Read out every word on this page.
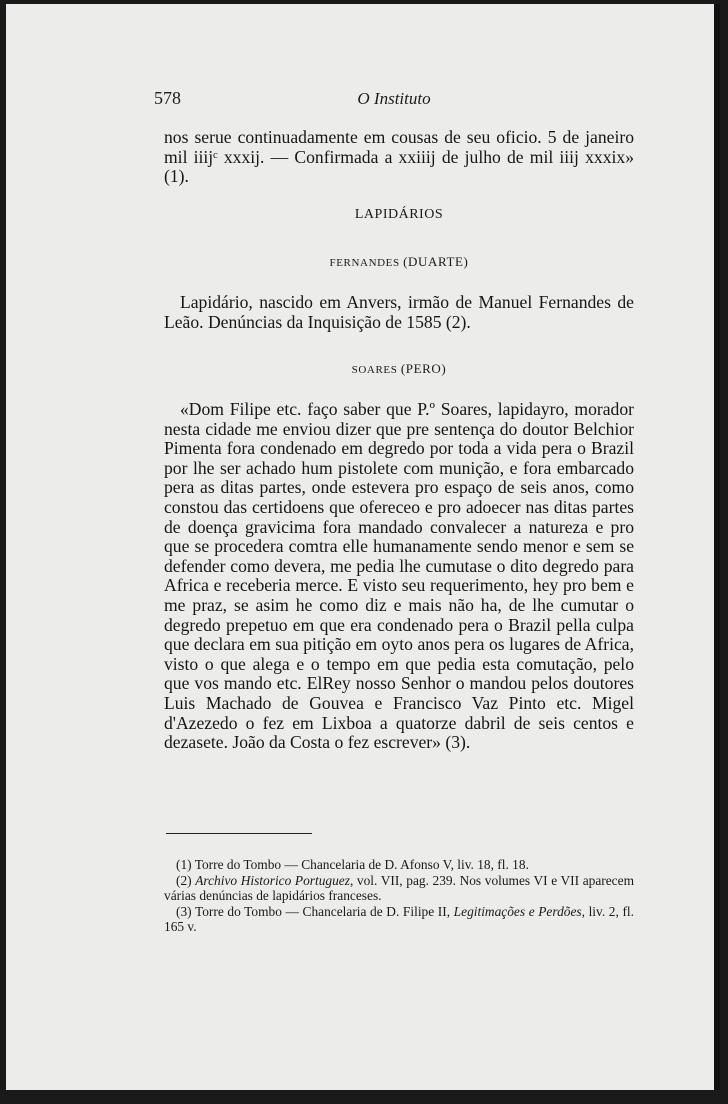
578	O Instituto

nos serue continuadamente em cousas de seu oficio. 5 de janeiro mil iiijᶜ xxxij. — Confirmada a xxiiij de julho de mil iiij xxxix» (1).

LAPIDÁRIOS
FERNANDES (DUARTE)

Lapidário, nascido em Anvers, irmão de Manuel Fernandes de Leão. Denúncias da Inquisição de 1585 (2).

SOARES (PERO)

«Dom Filipe etc. faço saber que P.º Soares, lapidayro, morador nesta cidade me enviou dizer que pre sentença do doutor Belchior Pimenta fora condenado em degredo por toda a vida pera o Brazil por lhe ser achado hum pistolete com munição, e fora embarcado pera as ditas partes, onde estevera pro espaço de seis anos, como constou das certidoens que ofereceo e pro adoecer nas ditas partes de doença gravicima fora mandado convalecer a natureza e pro que se procedera comtra elle humanamente sendo menor e sem se defender como devera, me pedia lhe cumutase o dito degredo para Africa e receberia merce. E visto seu requerimento, hey pro bem e me praz, se asim he como diz e mais não ha, de lhe cumutar o degredo prepetuo em que era condenado pera o Brazil pella culpa que declara em sua pitição em oyto anos pera os lugares de Africa, visto o que alega e o tempo em que pedia esta comutação, pelo que vos mando etc. ElRey nosso Senhor o mandou pelos doutores Luis Machado de Gouvea e Francisco Vaz Pinto etc. Migel d'Azezedo o fez em Lixboa a quatorze dabril de seis centos e dezasete. João da Costa o fez escrever» (3).

(1) Torre do Tombo — Chancelaria de D. Afonso V, liv. 18, fl. 18.

(2) Archivo Historico Portuguez, vol. VII, pag. 239. Nos volumes VI e VII aparecem várias denúncias de lapidários franceses.

(3) Torre do Tombo — Chancelaria de D. Filipe II, Legitimações e Perdões, liv. 2, fl. 165 v.
